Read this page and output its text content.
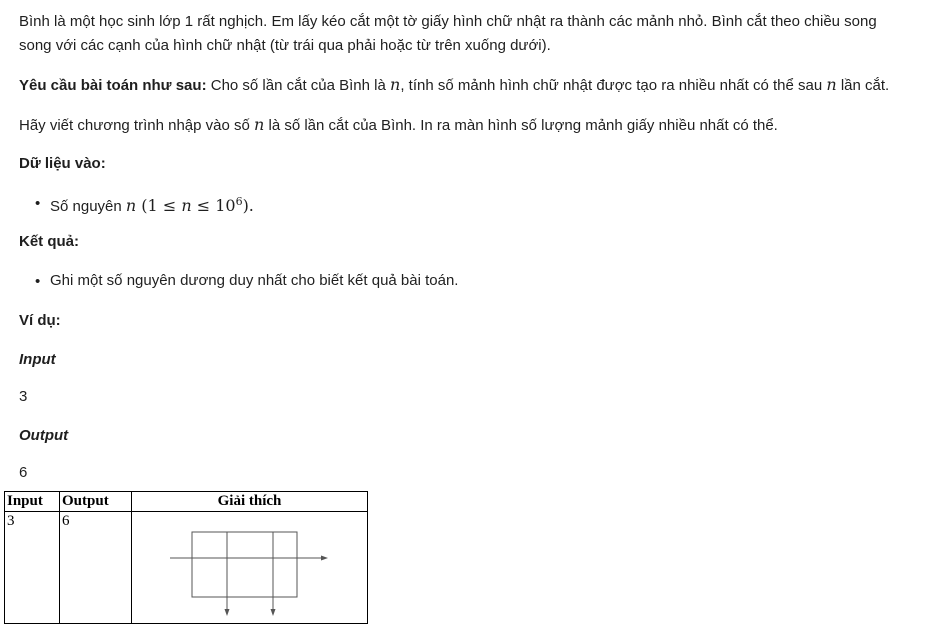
Bình là một học sinh lớp 1 rất nghịch. Em lấy kéo cắt một tờ giấy hình chữ nhật ra thành các mảnh nhỏ. Bình cắt theo chiều song
song với các cạnh của hình chữ nhật (từ trái qua phải hoặc từ trên xuống dưới).
Yêu cầu bài toán như sau: Cho số lần cắt của Bình là n, tính số mảnh hình chữ nhật được tạo ra nhiều nhất có thể sau n lần cắt.
Hãy viết chương trình nhập vào số n là số lần cắt của Bình. In ra màn hình số lượng mảnh giấy nhiều nhất có thể.
Dữ liệu vào:
• Số nguyên n $(1 \le n \le 10^6)$.
Kết quả:
• Ghi một số nguyên dương duy nhất cho biết kết quả bài toán.
Ví dụ:
Input
3
Output
6
Input	Output	Giải thích
3	6	
